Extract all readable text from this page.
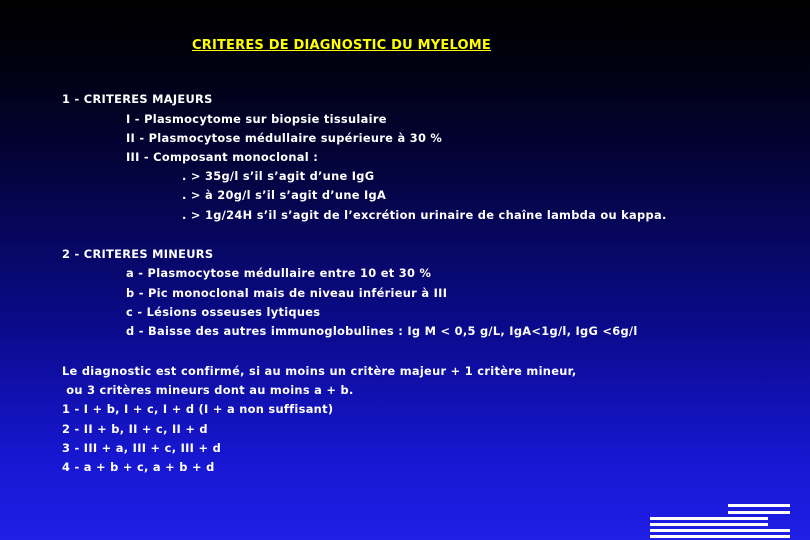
CRITERES DE DIAGNOSTIC DU MYELOME
1 - CRITERES MAJEURS
I - Plasmocytome sur biopsie tissulaire
II - Plasmocytose médullaire supérieure à 30 %
III - Composant monoclonal :
. > 35g/l s’il s’agit d’une IgG
. > à 20g/l s’il s’agit d’une IgA
. > 1g/24H s’il s’agit de l’excrétion urinaire de chaîne lambda ou kappa.
2 - CRITERES MINEURS
a - Plasmocytose médullaire entre 10 et 30 %
b - Pic monoclonal mais de niveau inférieur à III
c - Lésions osseuses lytiques
d - Baisse des autres immunoglobulines : Ig M < 0,5 g/L, IgA<1g/l, IgG <6g/l
Le diagnostic est confirmé, si au moins un critère majeur + 1 critère mineur,
ou 3 critères mineurs dont au moins a + b.
1 - I + b, I + c, I + d (I + a non suffisant)
2 - II + b, II + c, II + d
3 - III + a, III + c, III + d
4 - a + b + c, a + b + d
